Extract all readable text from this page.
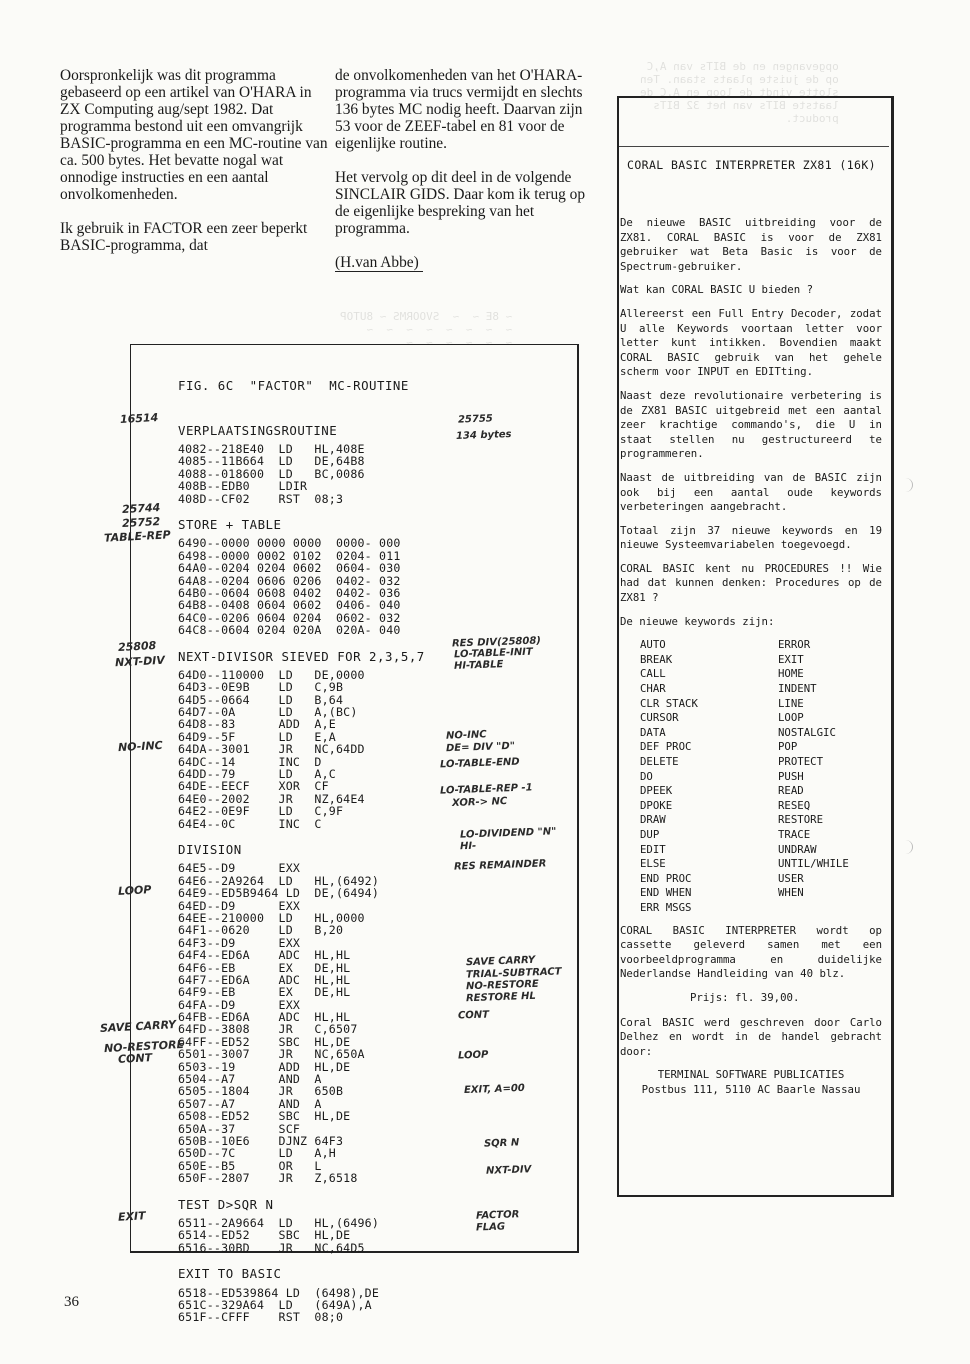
opgevangen en de BITs van A,C
op de juiste plaats staan. Ten
slotte vindt de loop en A,C de
laatste BITs van het 32 BITs
product.
~ 8E ~  ~  SVOORMS ~ 8UTOP
~  ~  ~  ~  ~  ~  ~  ~
~  ~  ~  ~  ~  ~

Oorspronkelijk was dit programma gebaseerd op een artikel van O'HARA in ZX Computing aug/sept 1982. Dat programma bestond uit een omvangrijk BASIC-programma en een MC-routine van ca. 500 bytes. Het bevatte nogal wat onnodige instructies en een aantal onvolkomenheden.

Ik gebruik in FACTOR een zeer beperkt BASIC-programma, dat

de onvolkomenheden van het O'HARA-programma via trucs vermijdt en slechts 136 bytes MC nodig heeft. Daarvan zijn 53 voor de ZEEF-tabel en 81 voor de eigenlijke routine.

Het vervolg op dit deel in de volgende SINCLAIR GIDS. Daar kom ik terug op de eigenlijke bespreking van het programma.

(H.van Abbe)

FIG. 6C  "FACTOR"  MC-ROUTINE

VERPLAATSINGSROUTINE
4082--218E40  LD   HL,408E
4085--11B664  LD   DE,64B8
4088--018600  LD   BC,0086
408B--EDB0    LDIR
408D--CF02    RST  08;3
STORE + TABLE
6490--0000 0000 0000  0000- 000
6498--0000 0002 0102  0204- 011
64A0--0204 0204 0602  0604- 030
64A8--0204 0606 0206  0402- 032
64B0--0604 0608 0402  0402- 036
64B8--0408 0604 0602  0406- 040
64C0--0206 0604 0204  0602- 032
64C8--0604 0204 020A  020A- 040
NEXT-DIVISOR SIEVED FOR 2,3,5,7
64D0--110000  LD   DE,0000
64D3--0E9B    LD   C,9B
64D5--0664    LD   B,64
64D7--0A      LD   A,(BC)
64D8--83      ADD  A,E
64D9--5F      LD   E,A
64DA--3001    JR   NC,64DD
64DC--14      INC  D
64DD--79      LD   A,C
64DE--EECF    XOR  CF
64E0--2002    JR   NZ,64E4
64E2--0E9F    LD   C,9F
64E4--0C      INC  C
DIVISION
64E5--D9      EXX
64E6--2A9264  LD   HL,(6492)
64E9--ED5B9464 LD  DE,(6494)
64ED--D9      EXX
64EE--210000  LD   HL,0000
64F1--0620    LD   B,20
64F3--D9      EXX
64F4--ED6A    ADC  HL,HL
64F6--EB      EX   DE,HL
64F7--ED6A    ADC  HL,HL
64F9--EB      EX   DE,HL
64FA--D9      EXX
64FB--ED6A    ADC  HL,HL
64FD--3808    JR   C,6507
64FF--ED52    SBC  HL,DE
6501--3007    JR   NC,650A
6503--19      ADD  HL,DE
6504--A7      AND  A
6505--1804    JR   650B
6507--A7      AND  A
6508--ED52    SBC  HL,DE
650A--37      SCF
650B--10E6    DJNZ 64F3
650D--7C      LD   A,H
650E--B5      OR   L
650F--2807    JR   Z,6518
TEST D>SQR N
6511--2A9664  LD   HL,(6496)
6514--ED52    SBC  HL,DE
6516--30BD    JR   NC,64D5
EXIT TO BASIC
6518--ED539864 LD  (6498),DE
651C--329A64  LD   (649A),A
651F--CFFF    RST  08;0
16514
25744
25752
TABLE-REP
25808
NXT-DIV
NO-INC
LOOP
SAVE CARRY
NO-RESTORE
CONT
EXIT
25755
134 bytes
RES DIV(25808)
LO-TABLE-INIT
HI-TABLE
NO-INC
DE= DIV "D"
LO-TABLE-END
LO-TABLE-REP -1
XOR-> NC
LO-DIVIDEND "N"
HI-
RES REMAINDER
SAVE CARRY
TRIAL-SUBTRACT
NO-RESTORE
RESTORE HL
CONT
LOOP
EXIT, A=00
SQR N
NXT-DIV
FACTOR
FLAG
CORAL BASIC INTERPRETER ZX81 (16K)

De nieuwe BASIC uitbreiding voor de ZX81. CORAL BASIC is voor de ZX81 gebruiker wat Beta Basic is voor de Spectrum-gebruiker.

Wat kan CORAL BASIC U bieden ?

Allereerst een Full Entry Decoder, zodat U alle Keywords voortaan letter voor letter kunt intikken. Bovendien maakt CORAL BASIC gebruik van het gehele scherm voor INPUT en EDITting.

Naast deze revolutionaire verbetering is de ZX81 BASIC uitgebreid met een aantal zeer krachtige commando's, die U in staat stellen nu gestructureerd te programmeren.

Naast de uitbreiding van de BASIC zijn ook bij een aantal oude keywords verbeteringen aangebracht.

Totaal zijn 37 nieuwe keywords en 19 nieuwe Systeemvariabelen toegevoegd.

CORAL BASIC kent nu PROCEDURES !! Wie had dat kunnen denken: Procedures op de ZX81 ?

De nieuwe keywords zijn:

AUTO
BREAK
CALL
CHAR
CLR STACK
CURSOR
DATA
DEF PROC
DELETE
DO
DPEEK
DPOKE
DRAW
DUP
EDIT
ELSE
END PROC
END WHEN
ERR MSGS
ERROR
EXIT
HOME
INDENT
LINE
LOOP
NOSTALGIC
POP
PROTECT
PUSH
READ
RESEQ
RESTORE
TRACE
UNDRAW
UNTIL/WHILE
USER
WHEN

CORAL BASIC INTERPRETER wordt op cassette geleverd samen met een voorbeeldprogramma en duidelijke Nederlandse Handleiding van 40 blz.

Prijs: fl. 39,00.

Coral BASIC werd geschreven door Carlo Delhez en wordt in de handel gebracht door:

TERMINAL SOFTWARE PUBLICATIES
Postbus 111, 5110 AC Baarle Nassau
36
